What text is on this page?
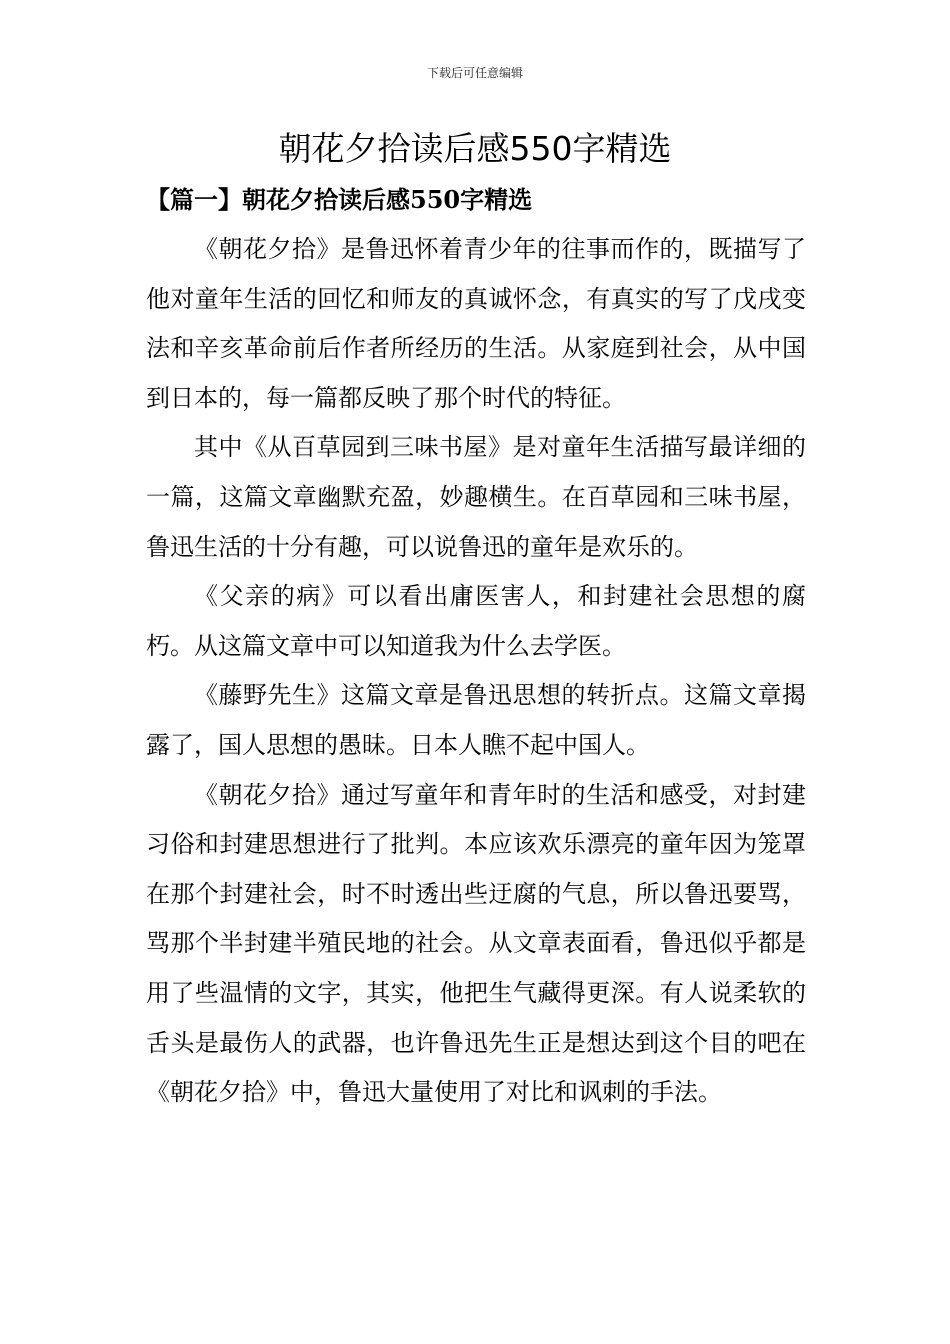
下载后可任意编辑
朝花夕拾读后感550字精选
【篇一】朝花夕拾读后感550字精选

《朝花夕拾》是鲁迅怀着青少年的往事而作的，既描写了他对童年生活的回忆和师友的真诚怀念，有真实的写了戊戌变法和辛亥革命前后作者所经历的生活。从家庭到社会，从中国到日本的，每一篇都反映了那个时代的特征。

其中《从百草园到三味书屋》是对童年生活描写最详细的一篇，这篇文章幽默充盈，妙趣横生。在百草园和三味书屋，鲁迅生活的十分有趣，可以说鲁迅的童年是欢乐的。

《父亲的病》可以看出庸医害人，和封建社会思想的腐朽。从这篇文章中可以知道我为什么去学医。

《藤野先生》这篇文章是鲁迅思想的转折点。这篇文章揭露了，国人思想的愚昧。日本人瞧不起中国人。

《朝花夕拾》通过写童年和青年时的生活和感受，对封建习俗和封建思想进行了批判。本应该欢乐漂亮的童年因为笼罩在那个封建社会，时不时透出些迂腐的气息，所以鲁迅要骂，骂那个半封建半殖民地的社会。从文章表面看，鲁迅似乎都是用了些温情的文字，其实，他把生气藏得更深。有人说柔软的舌头是最伤人的武器，也许鲁迅先生正是想达到这个目的吧在《朝花夕拾》中，鲁迅大量使用了对比和讽刺的手法。
